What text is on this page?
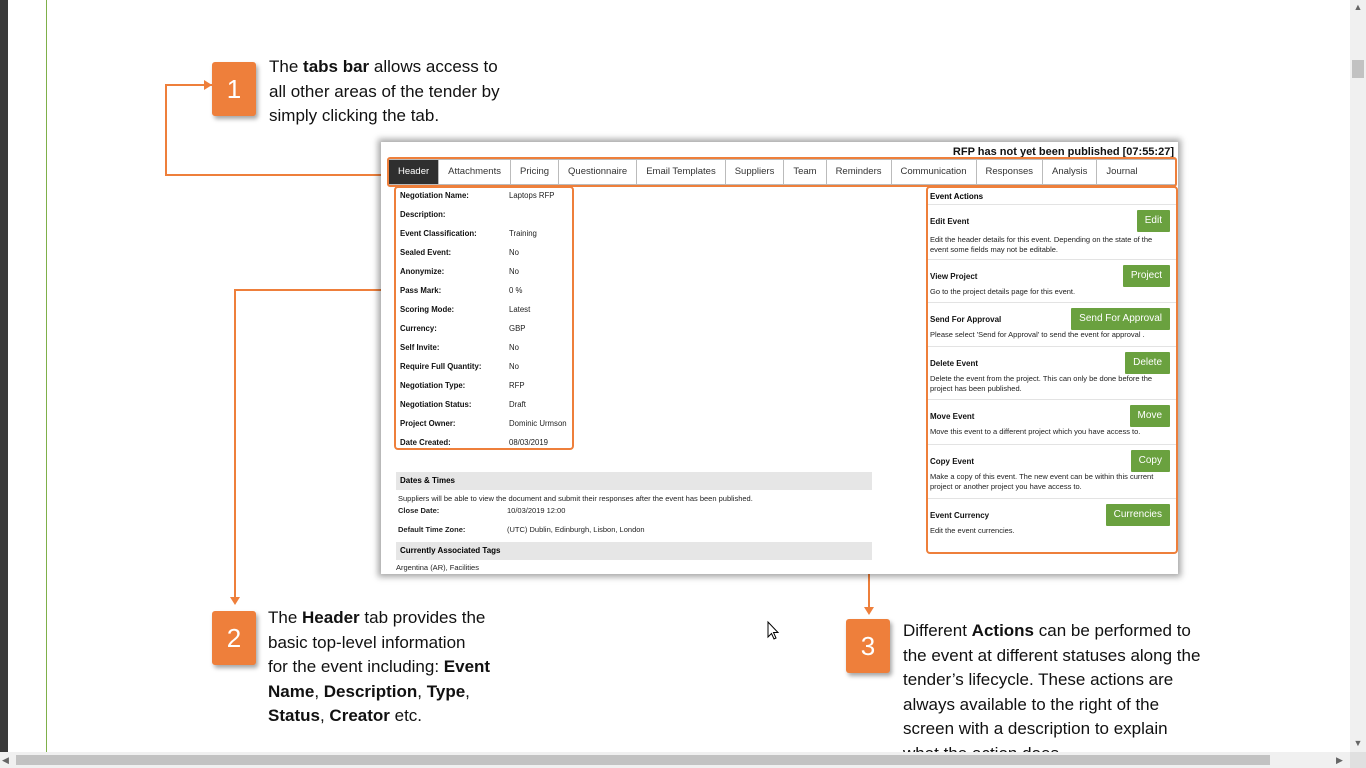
1
The tabs bar allows access to
all other areas of the tender by
simply clicking the tab.
2
The Header tab provides the
basic top-level information
for the event including: Event
Name, Description, Type,
Status, Creator etc.
3
Different Actions can be performed to
the event at different statuses along the
tender’s lifecycle. These actions are
always available to the right of the
screen with a description to explain
RFP has not yet been published [07:55:27]
Header	Attachments	Pricing	Questionnaire	Email Templates	Suppliers	Team	Reminders	Communication	Responses	Analysis	Journal
Negotiation Name:	Laptops RFP
Description:
Event Classification:	Training
Sealed Event:	No
Anonymize:	No
Pass Mark:	0 %
Scoring Mode:	Latest
Currency:	GBP
Self Invite:	No
Require Full Quantity:	No
Negotiation Type:	RFP
Negotiation Status:	Draft
Project Owner:	Dominic Urmson
Date Created:	08/03/2019
Dates & Times
Suppliers will be able to view the document and submit their responses after the event has been published.
Close Date:	10/03/2019 12:00
Default Time Zone:	(UTC) Dublin, Edinburgh, Lisbon, London
Currently Associated Tags
Argentina (AR), Facilities
Event Actions
Edit Event	Edit
Edit the header details for this event. Depending on the state of the event some fields may not be editable.
View Project	Project
Go to the project details page for this event.
Send For Approval	Send For Approval
Please select 'Send for Approval' to send the event for approval .
Delete Event	Delete
Delete the event from the project. This can only be done before the project has been published.
Move Event	Move
Move this event to a different project which you have access to.
Copy Event	Copy
Make a copy of this event. The new event can be within this current project or another project you have access to.
Event Currency	Currencies
Edit the event currencies.
▲
▼
◀	▶
